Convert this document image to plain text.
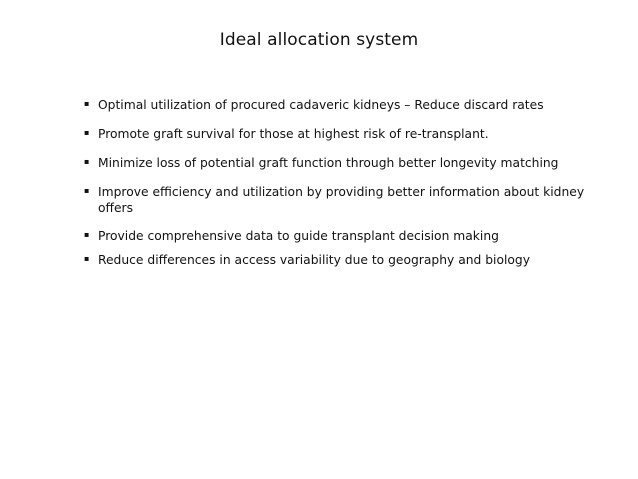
Ideal allocation system
▪ Optimal utilization of procured cadaveric kidneys – Reduce discard rates
▪ Promote graft survival for those at highest risk of re-transplant.
▪ Minimize loss of potential graft function through better longevity matching
▪ Improve efficiency and utilization by providing better information about kidney offers
▪ Provide comprehensive data to guide transplant decision making
▪ Reduce differences in access variability due to geography and biology
